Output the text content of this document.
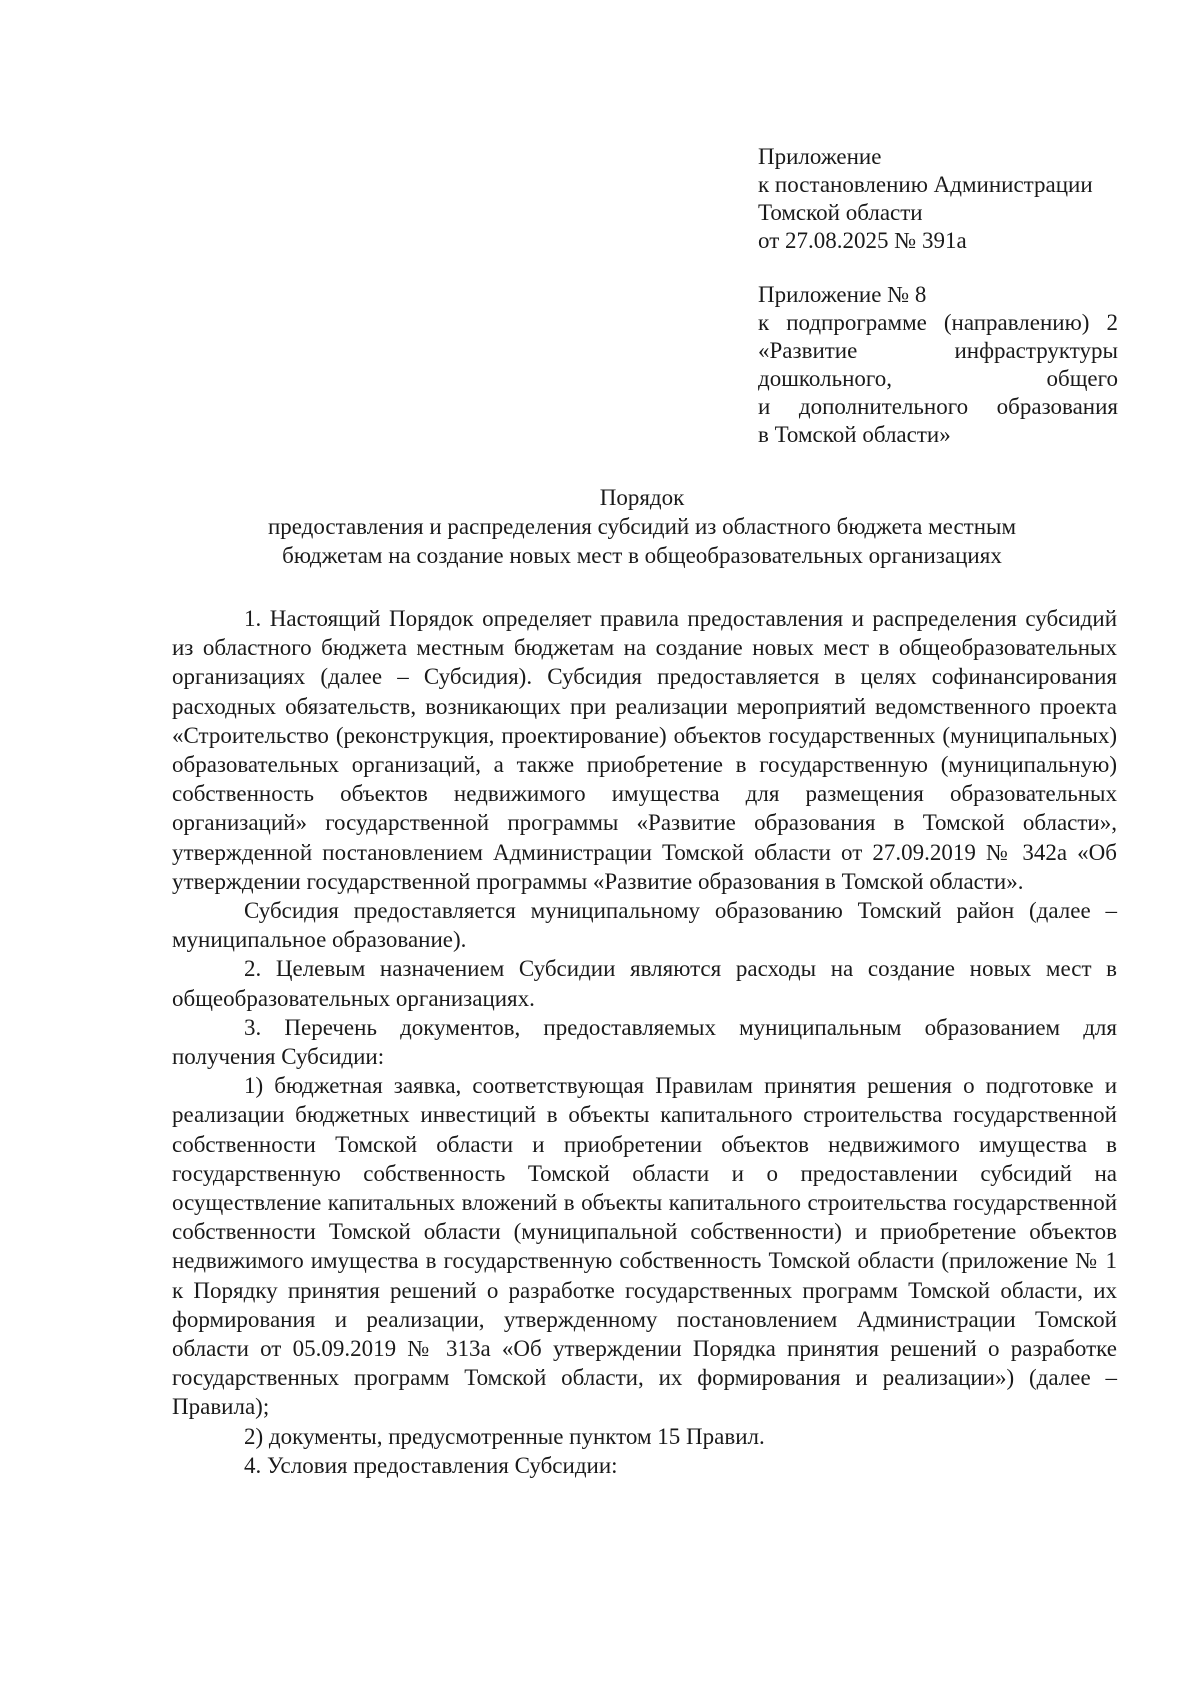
Приложение
к постановлению Администрации
Томской области
от 27.08.2025 № 391а
Приложение № 8
к подпрограмме (направлению) 2
«Развитие инфраструктуры
дошкольного, общего
и дополнительного образования
в Томской области»
Порядок
предоставления и распределения субсидий из областного бюджета местным
бюджетам на создание новых мест в общеобразовательных организациях

1. Настоящий Порядок определяет правила предоставления и распределения субсидий из областного бюджета местным бюджетам на создание новых мест в общеобразовательных организациях (далее – Субсидия). Субсидия предоставляется в целях софинансирования расходных обязательств, возникающих при реализации мероприятий ведомственного проекта «Строительство (реконструкция, проектирование) объектов государственных (муниципальных) образовательных организаций, а также приобретение в государственную (муниципальную) собственность объектов недвижимого имущества для размещения образовательных организаций» государственной программы «Развитие образования в Томской области», утвержденной постановлением Администрации Томской области от 27.09.2019 № 342а «Об утверждении государственной программы «Развитие образования в Томской области».

Субсидия предоставляется муниципальному образованию Томский район (далее – муниципальное образование).

2. Целевым назначением Субсидии являются расходы на создание новых мест в общеобразовательных организациях.

3. Перечень документов, предоставляемых муниципальным образованием для получения Субсидии:

1) бюджетная заявка, соответствующая Правилам принятия решения о подготовке и реализации бюджетных инвестиций в объекты капитального строительства государственной собственности Томской области и приобретении объектов недвижимого имущества в государственную собственность Томской области и о предоставлении субсидий на осуществление капитальных вложений в объекты капитального строительства государственной собственности Томской области (муниципальной собственности) и приобретение объектов недвижимого имущества в государственную собственность Томской области (приложение № 1 к Порядку принятия решений о разработке государственных программ Томской области, их формирования и реализации, утвержденному постановлением Администрации Томской области от 05.09.2019 № 313а «Об утверждении Порядка принятия решений о разработке государственных программ Томской области, их формирования и реализации») (далее – Правила);

2) документы, предусмотренные пунктом 15 Правил.

4. Условия предоставления Субсидии:
